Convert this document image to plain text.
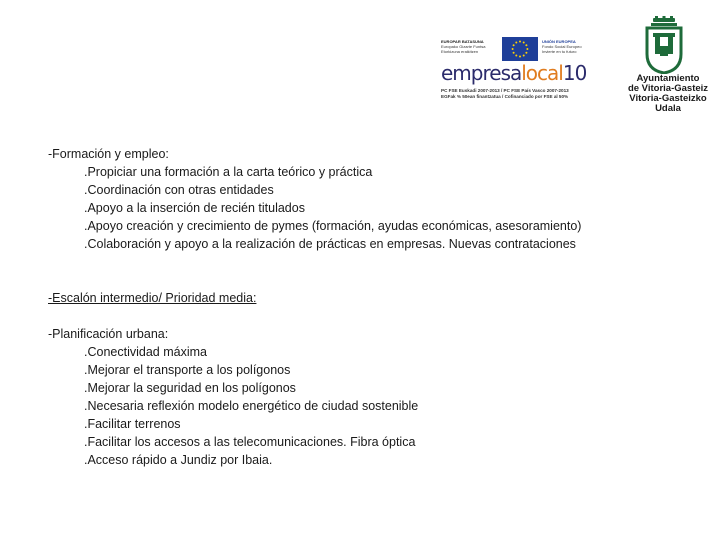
EUROPAR BATASUNA
Europako Gizarte Funtsa
Etorkizuna eraikitzen
UNIÓN EUROPEA
Fondo Social Europeo
Invierte en tu futuro
empresalocal10
PC FSE Euskadi 2007-2013 / PC FSE País Vasco 2007-2013
EGFak % 50ean finantzatua / Cofinanciado por FSE al 50%
Ayuntamiento
de Vitoria-Gasteiz
Vitoria-Gasteizko
Udala
-Formación y empleo:
.Propiciar una formación a la carta teórico y práctica
.Coordinación con otras entidades
.Apoyo a la inserción de recién titulados
.Apoyo creación y crecimiento de pymes (formación, ayudas económicas, asesoramiento)
.Colaboración y apoyo a la realización de prácticas en empresas. Nuevas contrataciones
-Escalón intermedio/ Prioridad media:
-Planificación urbana:
.Conectividad máxima
.Mejorar el transporte a los polígonos
.Mejorar la seguridad en los polígonos
.Necesaria reflexión modelo energético de ciudad sostenible
.Facilitar terrenos
.Facilitar los accesos a las telecomunicaciones. Fibra óptica
.Acceso rápido a Jundiz por Ibaia.
